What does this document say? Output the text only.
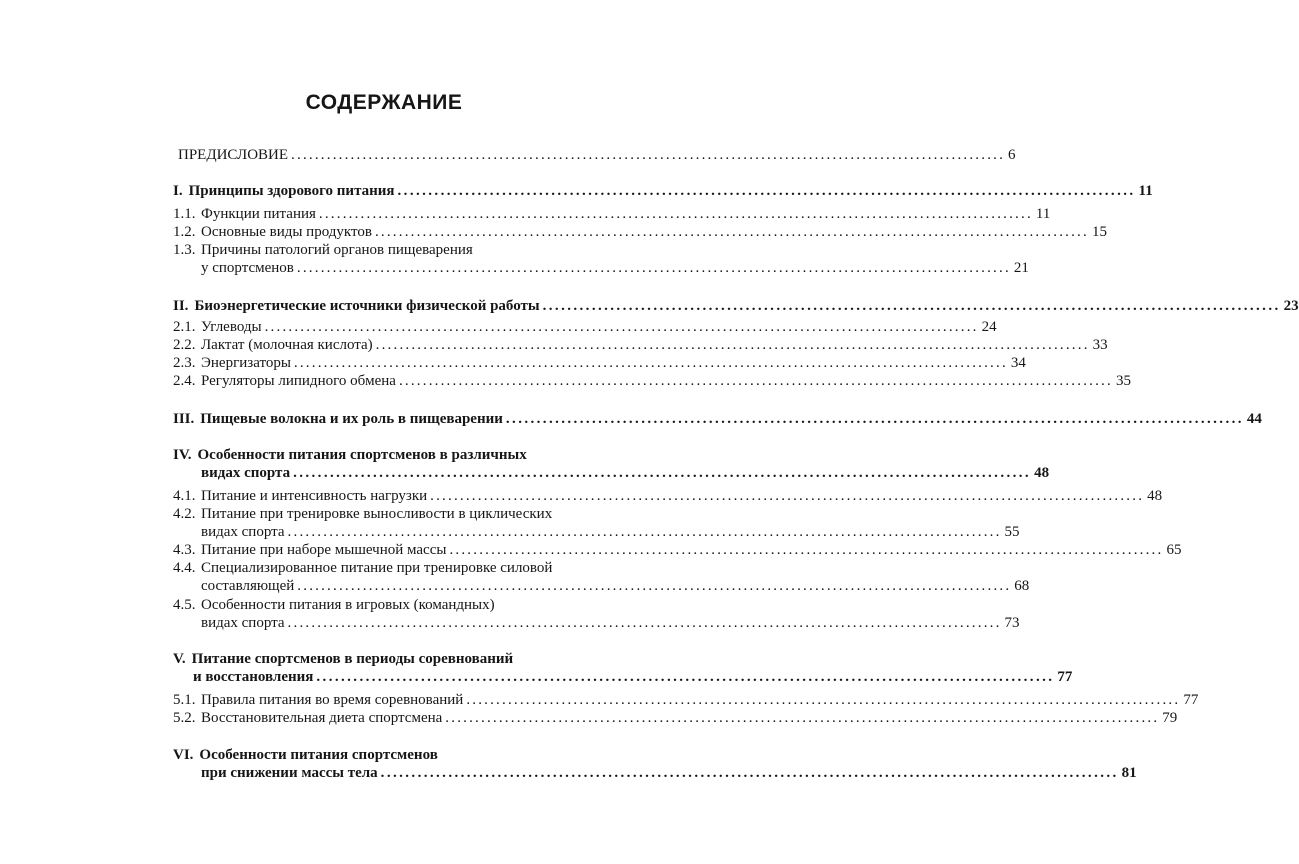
СОДЕРЖАНИЕ
ПРЕДИСЛОВИЕ ........................................................................................................................ 6
I. Принципы здорового питания ........................................................................................................................ 11
1.1. Функции питания ........................................................................................................................ 11
1.2. Основные виды продуктов ........................................................................................................................ 15
1.3. Причины патологий органов пищеварения
у спортсменов ........................................................................................................................ 21
II. Биоэнергетические источники физической работы ........................................................................................................................ 23
2.1. Углеводы ........................................................................................................................ 24
2.2. Лактат (молочная кислота) ........................................................................................................................ 33
2.3. Энергизаторы ........................................................................................................................ 34
2.4. Регуляторы липидного обмена ........................................................................................................................ 35
III. Пищевые волокна и их роль в пищеварении ........................................................................................................................ 44
IV. Особенности питания спортсменов в различных
видах спорта ........................................................................................................................ 48
4.1. Питание и интенсивность нагрузки ........................................................................................................................ 48
4.2. Питание при тренировке выносливости в циклических
видах спорта ........................................................................................................................ 55
4.3. Питание при наборе мышечной массы ........................................................................................................................ 65
4.4. Специализированное питание при тренировке силовой
составляющей ........................................................................................................................ 68
4.5. Особенности питания в игровых (командных)
видах спорта ........................................................................................................................ 73
V. Питание спортсменов в периоды соревнований
и восстановления ........................................................................................................................ 77
5.1. Правила питания во время соревнований ........................................................................................................................ 77
5.2. Восстановительная диета спортсмена ........................................................................................................................ 79
VI. Особенности питания спортсменов
при снижении массы тела ........................................................................................................................ 81
